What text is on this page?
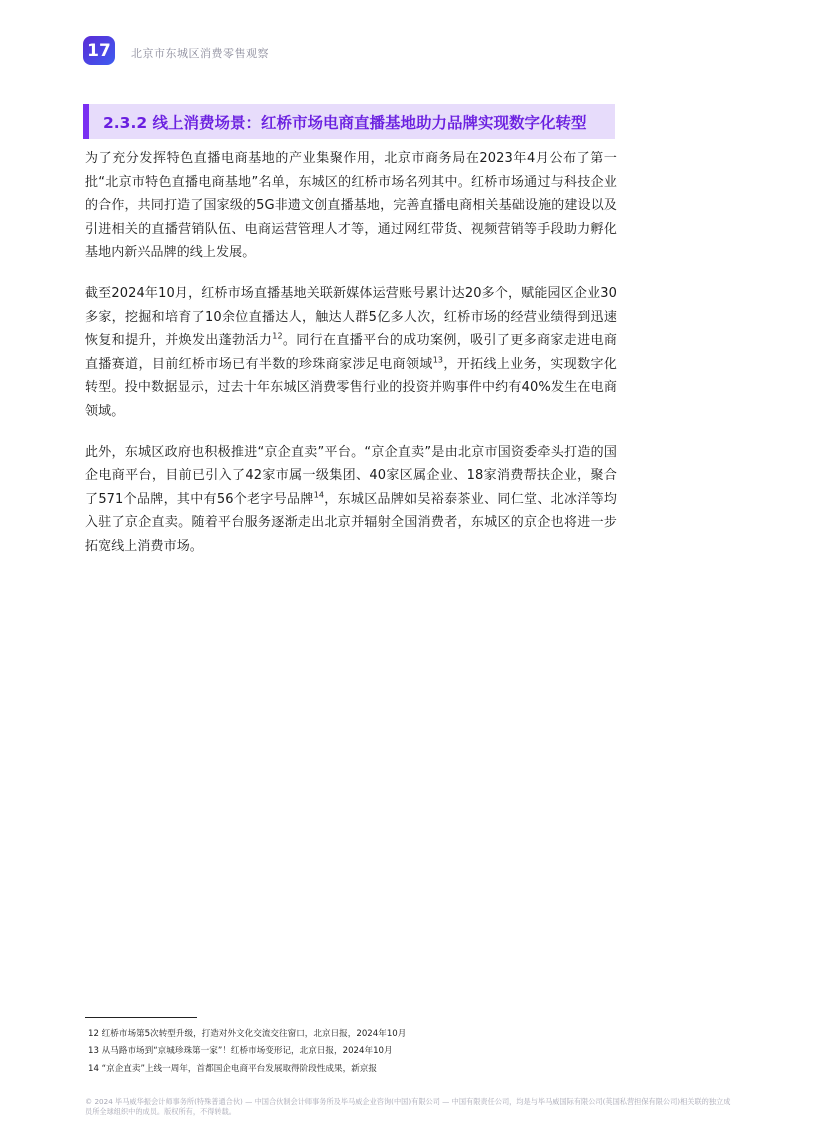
17 北京市东城区消费零售观察
2.3.2 线上消费场景：红桥市场电商直播基地助力品牌实现数字化转型

为了充分发挥特色直播电商基地的产业集聚作用，北京市商务局在2023年4月公布了第一批“北京市特色直播电商基地”名单，东城区的红桥市场名列其中。红桥市场通过与科技企业的合作，共同打造了国家级的5G非遗文创直播基地，完善直播电商相关基础设施的建设以及引进相关的直播营销队伍、电商运营管理人才等，通过网红带货、视频营销等手段助力孵化基地内新兴品牌的线上发展。

截至2024年10月，红桥市场直播基地关联新媒体运营账号累计达20多个，赋能园区企业30多家，挖掘和培育了10余位直播达人，触达人群5亿多人次，红桥市场的经营业绩得到迅速恢复和提升，并焕发出蓬勃活力$^{12}$。同行在直播平台的成功案例，吸引了更多商家走进电商直播赛道，目前红桥市场已有半数的珍珠商家涉足电商领域$^{13}$，开拓线上业务，实现数字化转型。投中数据显示，过去十年东城区消费零售行业的投资并购事件中约有40%发生在电商领域。

此外，东城区政府也积极推进“京企直卖”平台。“京企直卖”是由北京市国资委牵头打造的国企电商平台，目前已引入了42家市属一级集团、40家区属企业、18家消费帮扶企业，聚合了571个品牌，其中有56个老字号品牌$^{14}$，东城区品牌如吴裕泰茶业、同仁堂、北冰洋等均入驻了京企直卖。随着平台服务逐渐走出北京并辐射全国消费者，东城区的京企也将进一步拓宽线上消费市场。

12 红桥市场第5次转型升级，打造对外文化交流交往窗口，北京日报，2024年10月
13 从马路市场到“京城珍珠第一家”！红桥市场变形记，北京日报，2024年10月
14 “京企直卖”上线一周年，首都国企电商平台发展取得阶段性成果，新京报
© 2024 毕马威华振会计师事务所(特殊普通合伙) — 中国合伙制会计师事务所及毕马威企业咨询(中国)有限公司 — 中国有限责任公司，均是与毕马威国际有限公司(英国私营担保有限公司)相关联的独立成员所全球组织中的成员。版权所有，不得转载。
